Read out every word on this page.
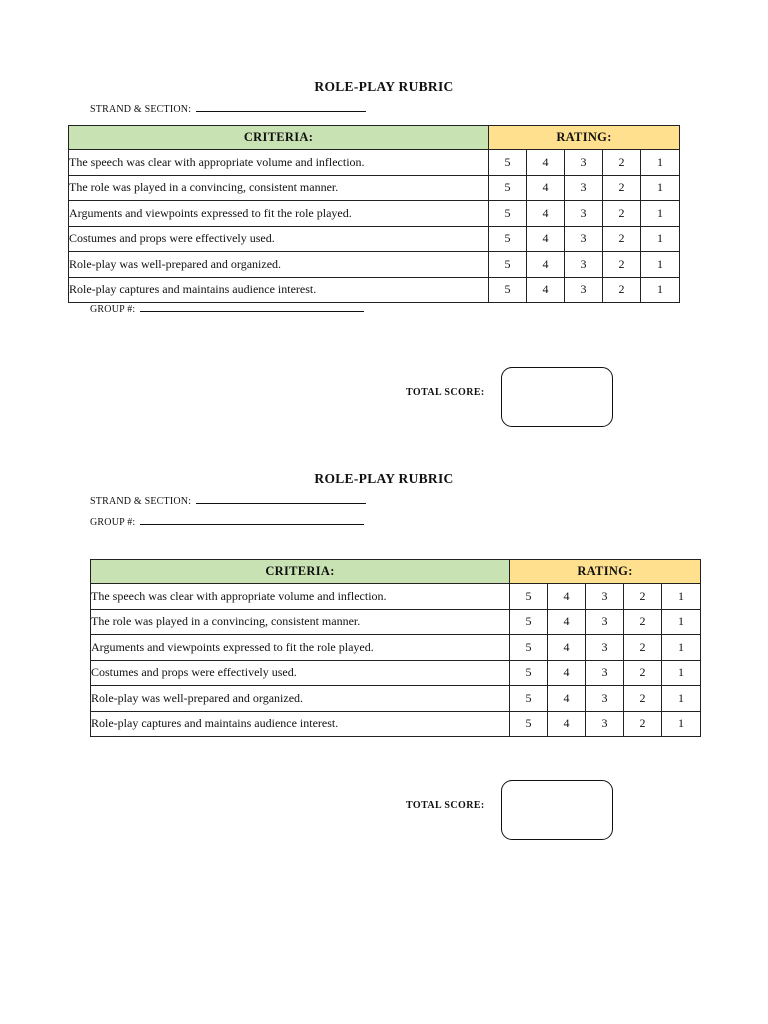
ROLE-PLAY RUBRIC
STRAND & SECTION:
CRITERIA:	RATING:				
The speech was clear with appropriate volume and inflection.	5	4	3	2	1
The role was played in a convincing, consistent manner.	5	4	3	2	1
Arguments and viewpoints expressed to fit the role played.	5	4	3	2	1
Costumes and props were effectively used.	5	4	3	2	1
Role-play was well-prepared and organized.	5	4	3	2	1
Role-play captures and maintains audience interest.	5	4	3	2	1
GROUP #:
TOTAL SCORE:
ROLE-PLAY RUBRIC
STRAND & SECTION:
GROUP #:
CRITERIA:	RATING:				
The speech was clear with appropriate volume and inflection.	5	4	3	2	1
The role was played in a convincing, consistent manner.	5	4	3	2	1
Arguments and viewpoints expressed to fit the role played.	5	4	3	2	1
Costumes and props were effectively used.	5	4	3	2	1
Role-play was well-prepared and organized.	5	4	3	2	1
Role-play captures and maintains audience interest.	5	4	3	2	1
TOTAL SCORE:
